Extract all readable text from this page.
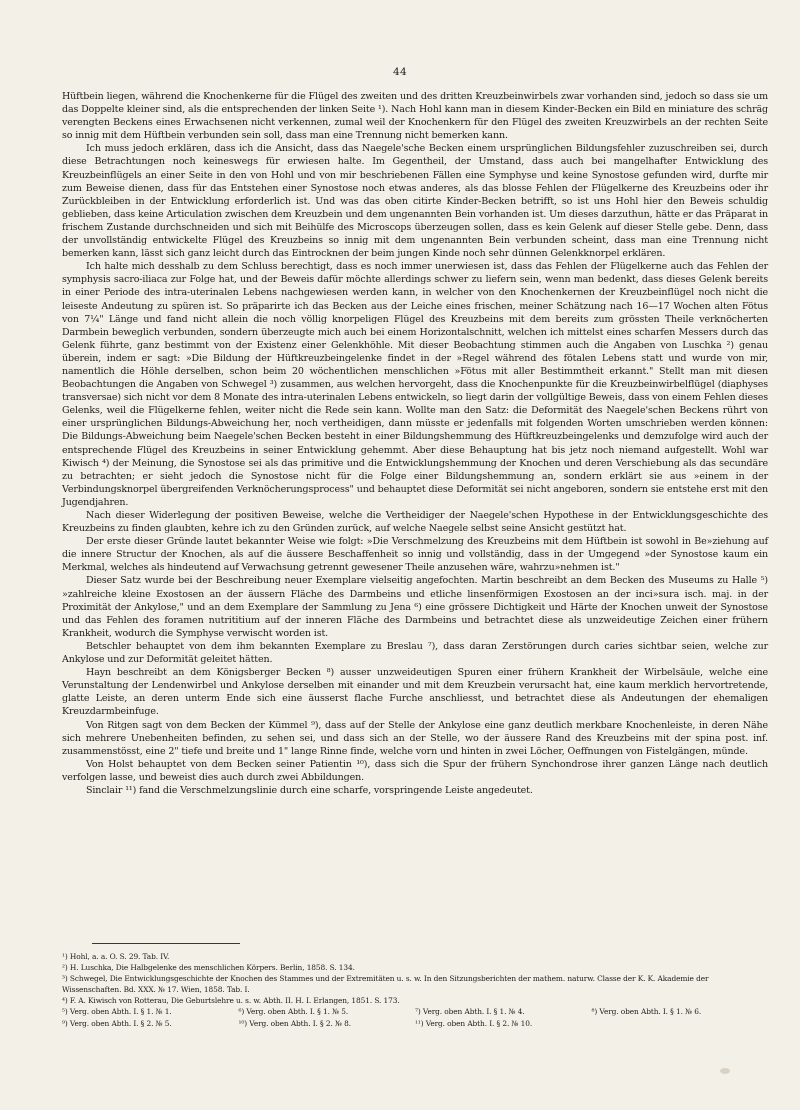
44

Hüftbein liegen, während die Knochenkerne für die Flügel des zweiten und des dritten Kreuzbeinwirbels zwar vorhanden sind, jedoch so dass sie um das Doppelte kleiner sind, als die entsprechenden der linken Seite ¹). Nach Hohl kann man in diesem Kinder-Becken ein Bild en miniature des schräg verengten Beckens eines Erwachsenen nicht verkennen, zumal weil der Knochenkern für den Flügel des zweiten Kreuzwirbels an der rechten Seite so innig mit dem Hüftbein verbunden sein soll, dass man eine Trennung nicht bemerken kann.

Ich muss jedoch erklären, dass ich die Ansicht, dass das Naegele'sche Becken einem ursprünglichen Bildungsfehler zuzuschreiben sei, durch diese Betrachtungen noch keineswegs für erwiesen halte. Im Gegentheil, der Umstand, dass auch bei mangelhafter Entwicklung des Kreuzbeinflügels an einer Seite in den von Hohl und von mir beschriebenen Fällen eine Symphyse und keine Synostose gefunden wird, durfte mir zum Beweise dienen, dass für das Entstehen einer Synostose noch etwas anderes, als das blosse Fehlen der Flügelkerne des Kreuzbeins oder ihr Zurückbleiben in der Entwicklung erforderlich ist. Und was das oben citirte Kinder-Becken betrifft, so ist uns Hohl hier den Beweis schuldig geblieben, dass keine Articulation zwischen dem Kreuzbein und dem ungenannten Bein vorhanden ist. Um dieses darzuthun, hätte er das Präparat in frischem Zustande durchschneiden und sich mit Beihülfe des Microscops überzeugen sollen, dass es kein Gelenk auf dieser Stelle gebe. Denn, dass der unvollständig entwickelte Flügel des Kreuzbeins so innig mit dem ungenannten Bein verbunden scheint, dass man eine Trennung nicht bemerken kann, lässt sich ganz leicht durch das Eintrocknen der beim jungen Kinde noch sehr dünnen Gelenkknorpel erklären.

Ich halte mich desshalb zu dem Schluss berechtigt, dass es noch immer unerwiesen ist, dass das Fehlen der Flügelkerne auch das Fehlen der symphysis sacro-iliaca zur Folge hat, und der Beweis dafür möchte allerdings schwer zu liefern sein, wenn man bedenkt, dass dieses Gelenk bereits in einer Periode des intra-uterinalen Lebens nachgewiesen werden kann, in welcher von den Knochenkernen der Kreuzbeinflügel noch nicht die leiseste Andeutung zu spüren ist. So präparirte ich das Becken aus der Leiche eines frischen, meiner Schätzung nach 16—17 Wochen alten Fötus von 7¼" Länge und fand nicht allein die noch völlig knorpeligen Flügel des Kreuzbeins mit dem bereits zum grössten Theile verknöcherten Darmbein beweglich verbunden, sondern überzeugte mich auch bei einem Horizontalschnitt, welchen ich mittelst eines scharfen Messers durch das Gelenk führte, ganz bestimmt von der Existenz einer Gelenkhöhle. Mit dieser Beobachtung stimmen auch die Angaben von Luschka ²) genau überein, indem er sagt: »Die Bildung der Hüftkreuzbeingelenke findet in der »Regel während des fötalen Lebens statt und wurde von mir, namentlich die Höhle derselben, schon beim 20 wöchentlichen menschlichen »Fötus mit aller Bestimmtheit erkannt." Stellt man mit diesen Beobachtungen die Angaben von Schwegel ³) zusammen, aus welchen hervorgeht, dass die Knochenpunkte für die Kreuzbeinwirbelflügel (diaphyses transversae) sich nicht vor dem 8 Monate des intra-uterinalen Lebens entwickeln, so liegt darin der vollgültige Beweis, dass von einem Fehlen dieses Gelenks, weil die Flügelkerne fehlen, weiter nicht die Rede sein kann. Wollte man den Satz: die Deformität des Naegele'schen Beckens rührt von einer ursprünglichen Bildungs-Abweichung her, noch vertheidigen, dann müsste er jedenfalls mit folgenden Worten umschrieben werden können: Die Bildungs-Abweichung beim Naegele'schen Becken besteht in einer Bildungshemmung des Hüftkreuzbeingelenks und demzufolge wird auch der entsprechende Flügel des Kreuzbeins in seiner Entwicklung gehemmt. Aber diese Behauptung hat bis jetz noch niemand aufgestellt. Wohl war Kiwisch ⁴) der Meinung, die Synostose sei als das primitive und die Entwicklungshemmung der Knochen und deren Verschiebung als das secundäre zu betrachten; er sieht jedoch die Synostose nicht für die Folge einer Bildungshemmung an, sondern erklärt sie aus »einem in der Verbindungsknorpel übergreifenden Verknöcherungsprocess" und behauptet diese Deformität sei nicht angeboren, sondern sie entstehe erst mit den Jugendjahren.

Nach dieser Widerlegung der positiven Beweise, welche die Vertheidiger der Naegele'schen Hypothese in der Entwicklungsgeschichte des Kreuzbeins zu finden glaubten, kehre ich zu den Gründen zurück, auf welche Naegele selbst seine Ansicht gestützt hat.

Der erste dieser Gründe lautet bekannter Weise wie folgt: »Die Verschmelzung des Kreuzbeins mit dem Hüftbein ist sowohl in Be»ziehung auf die innere Structur der Knochen, als auf die äussere Beschaffenheit so innig und vollständig, dass in der Umgegend »der Synostose kaum ein Merkmal, welches als hindeutend auf Verwachsung getrennt gewesener Theile anzusehen wäre, wahrzu»nehmen ist."

Dieser Satz wurde bei der Beschreibung neuer Exemplare vielseitig angefochten. Martin beschreibt an dem Becken des Museums zu Halle ⁵) »zahlreiche kleine Exostosen an der äussern Fläche des Darmbeins und etliche linsenförmigen Exostosen an der inci»sura isch. maj. in der Proximität der Ankylose," und an dem Exemplare der Sammlung zu Jena ⁶) eine grössere Dichtigkeit und Härte der Knochen unweit der Synostose und das Fehlen des foramen nutrititium auf der inneren Fläche des Darmbeins und betrachtet diese als unzweideutige Zeichen einer frühern Krankheit, wodurch die Symphyse verwischt worden ist.

Betschler behauptet von dem ihm bekannten Exemplare zu Breslau ⁷), dass daran Zerstörungen durch caries sichtbar seien, welche zur Ankylose und zur Deformität geleitet hätten.

Hayn beschreibt an dem Königsberger Becken ⁸) ausser unzweideutigen Spuren einer frühern Krankheit der Wirbelsäule, welche eine Verunstaltung der Lendenwirbel und Ankylose derselben mit einander und mit dem Kreuzbein verursacht hat, eine kaum merklich hervortretende, glatte Leiste, an deren unterm Ende sich eine äusserst flache Furche anschliesst, und betrachtet diese als Andeutungen der ehemaligen Kreuzdarmbeinfuge.

Von Ritgen sagt von dem Becken der Kümmel ⁹), dass auf der Stelle der Ankylose eine ganz deutlich merkbare Knochenleiste, in deren Nähe sich mehrere Unebenheiten befinden, zu sehen sei, und dass sich an der Stelle, wo der äussere Rand des Kreuzbeins mit der spina post. inf. zusammenstösst, eine 2" tiefe und breite und 1" lange Rinne finde, welche vorn und hinten in zwei Löcher, Oeffnungen von Fistelgängen, münde.

Von Holst behauptet von dem Becken seiner Patientin ¹⁰), dass sich die Spur der frühern Synchondrose ihrer ganzen Länge nach deutlich verfolgen lasse, und beweist dies auch durch zwei Abbildungen.

Sinclair ¹¹) fand die Verschmelzungslinie durch eine scharfe, vorspringende Leiste angedeutet.

¹) Hohl, a. a. O. S. 29. Tab. IV.

²) H. Luschka, Die Halbgelenke des menschlichen Körpers. Berlin, 1858. S. 134.

³) Schwegel, Die Entwicklungsgeschichte der Knochen des Stammes und der Extremitäten u. s. w. In den Sitzungsberichten der mathem. naturw. Classe der K. K. Akademie der Wissenschaften. Bd. XXX. № 17. Wien, 1858. Tab. I.

⁴) F. A. Kiwisch von Rotterau, Die Geburtslehre u. s. w. Abth. II. H. I. Erlangen, 1851. S. 173.

⁵) Verg. oben Abth. I. § 1. № 1.	⁶) Verg. oben Abth. I. § 1. № 5.	⁷) Verg. oben Abth. I. § 1. № 4.	⁸) Verg. oben Abth. I. § 1. № 6.
⁹) Verg. oben Abth. I. § 2. № 5.	¹⁰) Verg. oben Abth. I. § 2. № 8.	¹¹) Verg. oben Abth. I. § 2. № 10.
